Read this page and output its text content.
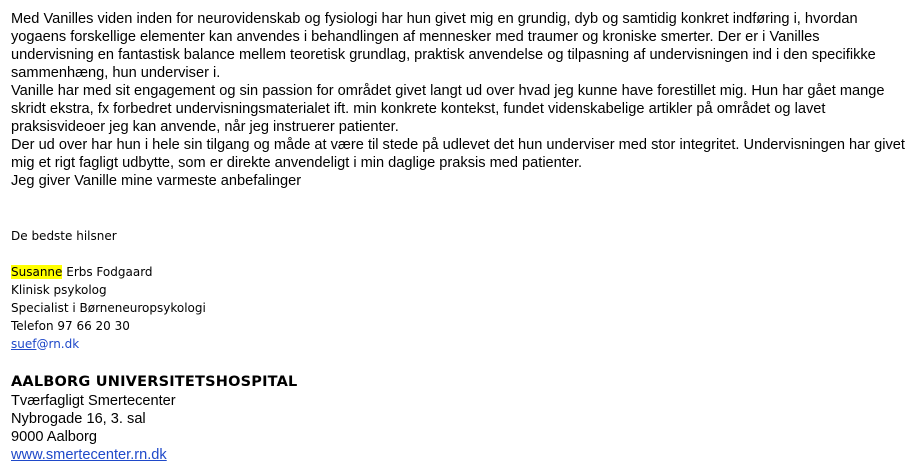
Med Vanilles viden inden for neurovidenskab og fysiologi har hun givet mig en grundig, dyb og samtidig konkret indføring i, hvordan yogaens forskellige elementer kan anvendes i behandlingen af mennesker med traumer og kroniske smerter. Der er i Vanilles undervisning en fantastisk balance mellem teoretisk grundlag, praktisk anvendelse og tilpasning af undervisningen ind i den specifikke sammenhæng, hun underviser i.

Vanille har med sit engagement og sin passion for området givet langt ud over hvad jeg kunne have forestillet mig. Hun har gået mange skridt ekstra, fx forbedret undervisningsmaterialet ift. min konkrete kontekst, fundet videnskabelige artikler på området og lavet praksisvideoer jeg kan anvende, når jeg instruerer patienter.

Der ud over har hun i hele sin tilgang og måde at være til stede på udlevet det hun underviser med stor integritet. Undervisningen har givet mig et rigt fagligt udbytte, som er direkte anvendeligt i min daglige praksis med patienter.

Jeg giver Vanille mine varmeste anbefalinger

De bedste hilsner
Susanne Erbs Fodgaard
Klinisk psykolog
Specialist i Børneneuropsykologi
Telefon 97 66 20 30
suef@rn.dk
AALBORG UNIVERSITETSHOSPITAL
Tværfagligt Smertecenter
Nybrogade 16, 3. sal
9000 Aalborg
www.smertecenter.rn.dk
